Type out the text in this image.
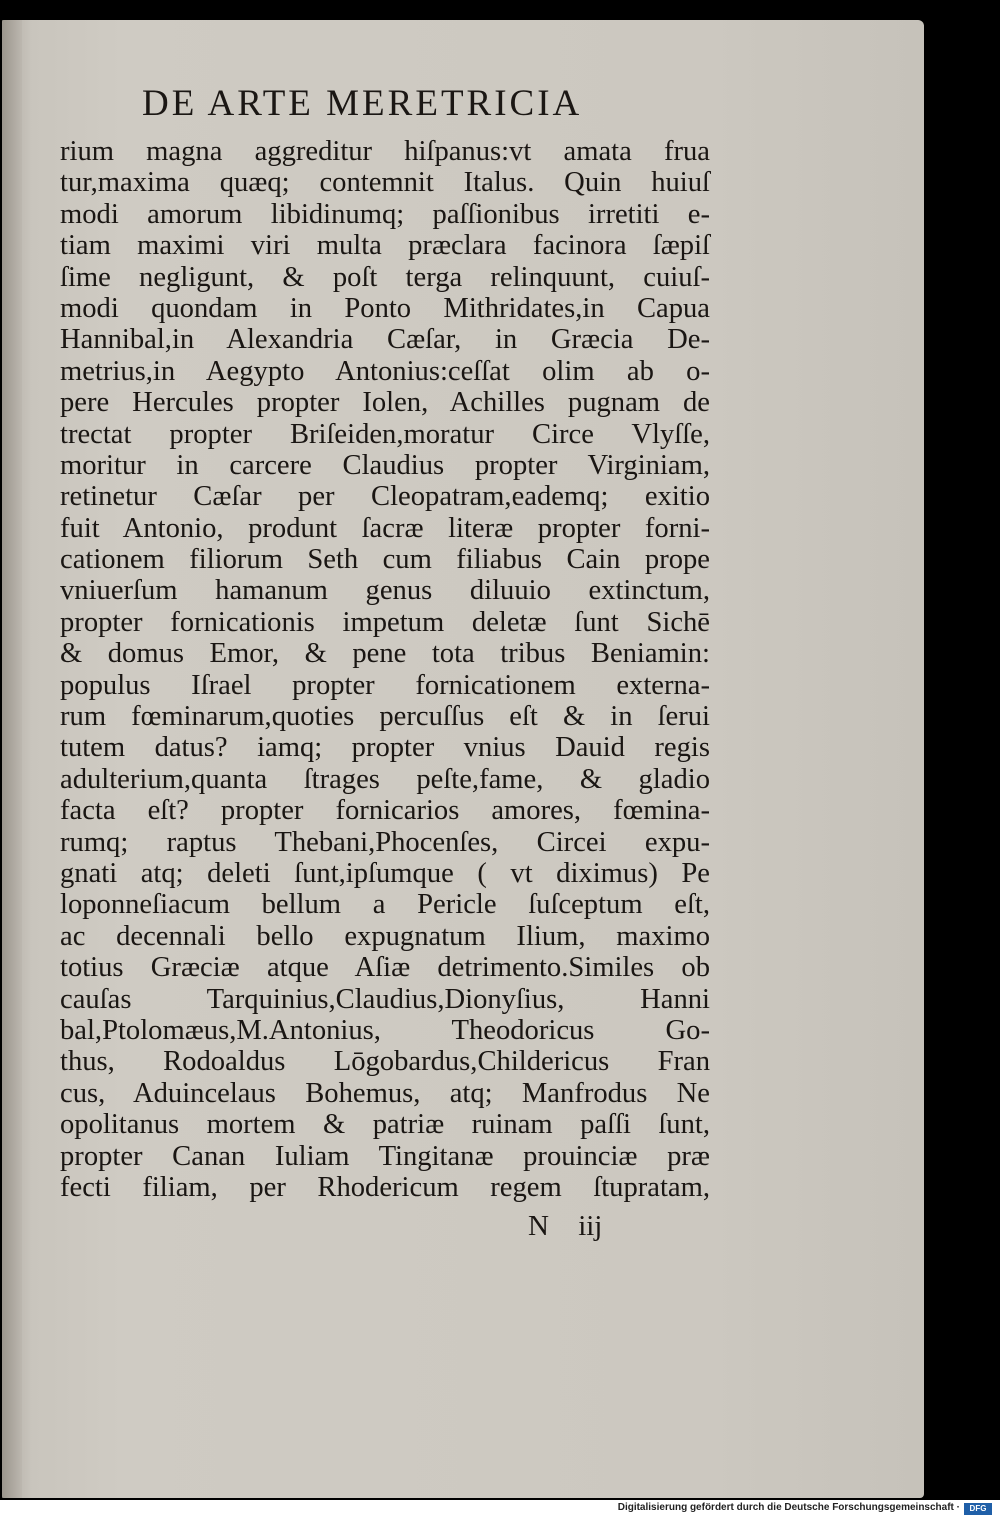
DE ARTE MERETRICIA
rium magna aggreditur hiſpanus:vt amata frua
tur,maxima quæq; contemnit Italus. Quin huiuſ
modi amorum libidinumq; paſſionibus irretiti e-
tiam maximi viri multa præclara facinora ſæpiſ
ſime negligunt, & poſt terga relinquunt, cuiuſ-
modi quondam in Ponto Mithridates,in Capua
Hannibal,in Alexandria Cæſar, in Græcia De-
metrius,in Aegypto Antonius:ceſſat olim ab o-
pere Hercules propter Iolen, Achilles pugnam de
trectat propter Briſeiden,moratur Circe Vlyſſe,
moritur in carcere Claudius propter Virginiam,
retinetur Cæſar per Cleopatram,eademq; exitio
fuit Antonio, produnt ſacræ literæ propter forni-
cationem filiorum Seth cum filiabus Cain prope
vniuerſum hamanum genus diluuio extinctum,
propter fornicationis impetum deletæ ſunt Sichē
& domus Emor, & pene tota tribus Beniamin:
populus Iſrael propter fornicationem externa-
rum fœminarum,quoties percuſſus eſt & in ſerui
tutem datus? iamq; propter vnius Dauid regis
adulterium,quanta ſtrages peſte,fame, & gladio
facta eſt? propter fornicarios amores, fœmina-
rumq; raptus Thebani,Phocenſes, Circei expu-
gnati atq; deleti ſunt,ipſumque ( vt diximus) Pe
loponneſiacum bellum a Pericle ſuſceptum eſt,
ac decennali bello expugnatum Ilium, maximo
totius Græciæ atque Aſiæ detrimento.Similes ob
cauſas Tarquinius,Claudius,Dionyſius, Hanni
bal,Ptolomæus,M.Antonius, Theodoricus Go-
thus, Rodoaldus Lōgobardus,Childericus Fran
cus, Aduincelaus Bohemus, atq; Manfrodus Ne
opolitanus mortem & patriæ ruinam paſſi ſunt,
propter Canan Iuliam Tingitanæ prouinciæ præ
fecti filiam, per Rhodericum regem ſtupratam,
N iij
Digitalisierung gefördert durch die Deutsche Forschungsgemeinschaft ·	DFG
